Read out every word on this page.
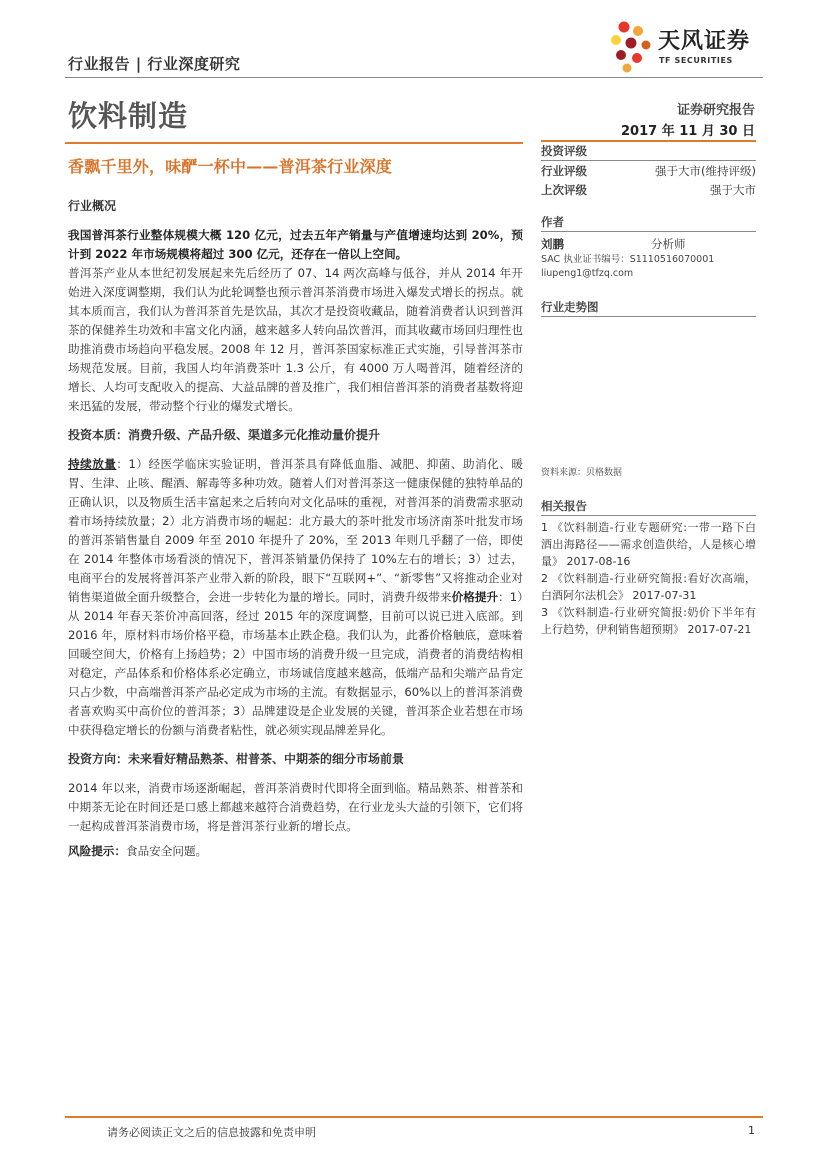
行业报告 | 行业深度研究
天风证券
TF SECURITIES
饮料制造	证券研究报告
2017 年 11 月 30 日
香飘千里外，味酽一杯中——普洱茶行业深度
行业概况

我国普洱茶行业整体规模大概 120 亿元，过去五年产销量与产值增速均达到 20%，预计到 2022 年市场规模将超过 300 亿元，还存在一倍以上空间。

普洱茶产业从本世纪初发展起来先后经历了 07、14 两次高峰与低谷，并从 2014 年开始进入深度调整期，我们认为此轮调整也预示普洱茶消费市场进入爆发式增长的拐点。就其本质而言，我们认为普洱茶首先是饮品，其次才是投资收藏品，随着消费者认识到普洱茶的保健养生功效和丰富文化内涵，越来越多人转向品饮普洱，而其收藏市场回归理性也助推消费市场趋向平稳发展。2008 年 12 月，普洱茶国家标准正式实施，引导普洱茶市场规范发展。目前，我国人均年消费茶叶 1.3 公斤，有 4000 万人喝普洱，随着经济的增长、人均可支配收入的提高、大益品牌的普及推广，我们相信普洱茶的消费者基数将迎来迅猛的发展，带动整个行业的爆发式增长。

投资本质：消费升级、产品升级、渠道多元化推动量价提升

持续放量：1）经医学临床实验证明，普洱茶具有降低血脂、减肥、抑菌、助消化、暖胃、生津、止咳、醒酒、解毒等多种功效。随着人们对普洱茶这一健康保健的独特单品的正确认识，以及物质生活丰富起来之后转向对文化品味的重视，对普洱茶的消费需求驱动着市场持续放量；2）北方消费市场的崛起：北方最大的茶叶批发市场济南茶叶批发市场的普洱茶销售量自 2009 年至 2010 年提升了 20%，至 2013 年则几乎翻了一倍，即使在 2014 年整体市场看淡的情况下，普洱茶销量仍保持了 10%左右的增长；3）过去，电商平台的发展将普洱茶产业带入新的阶段，眼下“互联网+”、“新零售”又将推动企业对销售渠道做全面升级整合，会进一步转化为量的增长。同时，消费升级带来价格提升：1）从 2014 年春天茶价冲高回落，经过 2015 年的深度调整，目前可以说已进入底部。到 2016 年，原材料市场价格平稳，市场基本止跌企稳。我们认为，此番价格触底，意味着回暖空间大，价格有上扬趋势；2）中国市场的消费升级一旦完成，消费者的消费结构相对稳定，产品体系和价格体系必定确立，市场诚信度越来越高，低端产品和尖端产品肯定只占少数，中高端普洱茶产品必定成为市场的主流。有数据显示，60%以上的普洱茶消费者喜欢购买中高价位的普洱茶；3）品牌建设是企业发展的关键，普洱茶企业若想在市场中获得稳定增长的份额与消费者粘性，就必须实现品牌差异化。

投资方向：未来看好精品熟茶、柑普茶、中期茶的细分市场前景

2014 年以来，消费市场逐渐崛起，普洱茶消费时代即将全面到临。精品熟茶、柑普茶和中期茶无论在时间还是口感上都越来越符合消费趋势，在行业龙头大益的引领下，它们将一起构成普洱茶消费市场，将是普洱茶行业新的增长点。

风险提示：食品安全问题。

投资评级
行业评级	强于大市(维持评级)
上次评级	强于大市
作者
刘鹏	分析师
SAC 执业证书编号：S1110516070001
liupeng1@tfzq.com
行业走势图
资料来源：贝格数据
相关报告
1 《饮料制造-行业专题研究:一带一路下白酒出海路径——需求创造供给，人是核心增量》 2017-08-16
2 《饮料制造-行业研究简报:看好次高端，白酒阿尔法机会》 2017-07-31
3 《饮料制造-行业研究简报:奶价下半年有上行趋势，伊利销售超预期》 2017-07-21
请务必阅读正文之后的信息披露和免责申明	1
